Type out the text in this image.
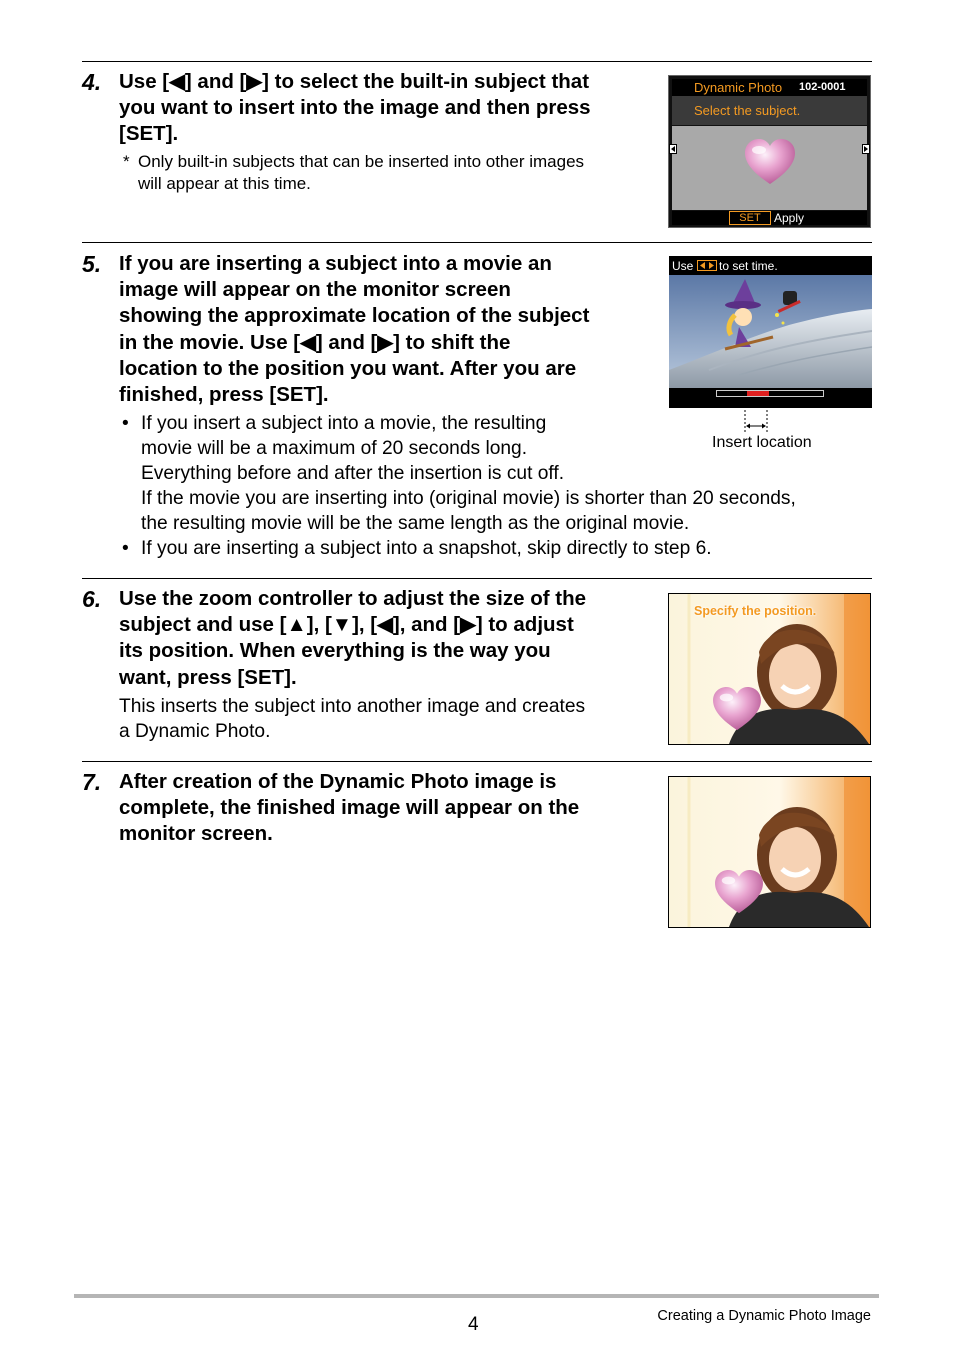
4. Use [◀] and [▶] to select the built-in subject that
you want to insert into the image and then press
[SET].
* Only built-in subjects that can be inserted into other images
will appear at this time.
Dynamic Photo 102-0001
Select the subject.
SET	Apply
5. If you are inserting a subject into a movie an
image will appear on the monitor screen
showing the approximate location of the subject
in the movie. Use [◀] and [▶] to shift the
location to the position you want. After you are
finished, press [SET].
• If you insert a subject into a movie, the resulting
movie will be a maximum of 20 seconds long.
Everything before and after the insertion is cut off.
If the movie you are inserting into (original movie) is shorter than 20 seconds,
the resulting movie will be the same length as the original movie.
• If you are inserting a subject into a snapshot, skip directly to step 6.
Use to set time.
Insert location
6. Use the zoom controller to adjust the size of the
subject and use [▲], [▼], [◀], and [▶] to adjust
its position. When everything is the way you
want, press [SET].
This inserts the subject into another image and creates
a Dynamic Photo.
Specify the position.
7. After creation of the Dynamic Photo image is
complete, the finished image will appear on the
monitor screen.
4	Creating a Dynamic Photo Image
